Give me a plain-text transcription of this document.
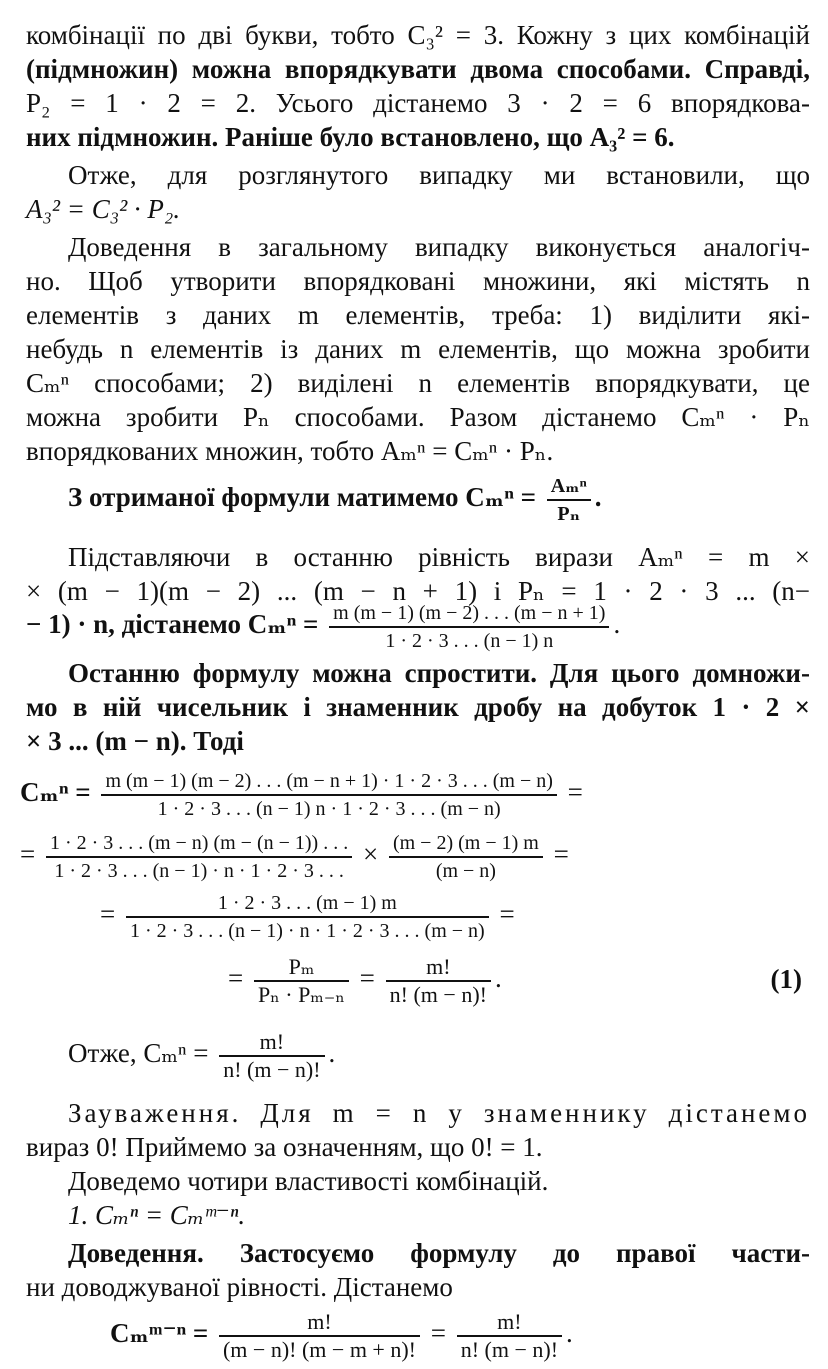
комбінації по дві букви, тобто C₃² = 3. Кожну з цих комбінацій
(підмножин) можна впорядкувати двома способами. Справді,
P₂ = 1 · 2 = 2. Усього дістанемо 3 · 2 = 6 впорядкова-
них підмножин. Раніше було встановлено, що A₃² = 6.
Отже, для розглянутого випадку ми встановили, що
A₃² = C₃² · P₂.
Доведення в загальному випадку виконується аналогіч-
но. Щоб утворити впорядковані множини, які містять n
елементів з даних m елементів, треба: 1) виділити які-
небудь n елементів із даних m елементів, що можна зробити
Cₘⁿ способами; 2) виділені n елементів впорядкувати, це
можна зробити Pₙ способами. Разом дістанемо Cₘⁿ · Pₙ
впорядкованих множин, тобто Aₘⁿ = Cₘⁿ · Pₙ.
З отриманої формули матимемо $C_m^n = \frac{\text{Aₘⁿ}}{\text{Pₙ}}$ .
Підставляючи в останню рівність вирази Aₘⁿ = m ×
× (m − 1)(m − 2) ... (m − n + 1) і Pₙ = 1 · 2 · 3 ... (n−
− 1) · n, дістанемо $C_m^n = \frac{m (m - 1) (m - 2) . . . (m - n + 1)}{1 \cdot 2 \cdot 3 . . . (n - 1) n}$ .
Останню формулу можна спростити. Для цього домножи-
мо в ній чисельник і знаменник дробу на добуток 1 · 2 ×
× 3 ... (m − n). Тоді
Cₘⁿ = m (m − 1) (m − 2) . . . (m − n + 1) · 1 · 2 · 3 . . . (m − n)
1 · 2 · 3 . . . (n − 1) n · 1 · 2 · 3 . . . (m − n)
=
= $\frac{1 \cdot 2 \cdot 3 . . . (m - n) (m - (n - 1)) . . .}{1 \cdot 2 \cdot 3 . . . (n - 1) \cdot n \cdot 1 \cdot 2 \cdot 3 . . .} \times \frac{(m - 2) (m - 1) m}{(m - n)}$ =
= $\frac{1 \cdot 2 \cdot 3 . . . (m - 1) m}{1 \cdot 2 \cdot 3 . . . (n - 1) \cdot n \cdot 1 \cdot 2 \cdot 3 . . . (m - n)}$ =
= $\frac{\text{Pₘ}}{\text{Pₙ · Pₘ₋ₙ}} = \frac{m!}{n! (m - n)!}$ .	(1)
Отже, $C_m^n = \frac{m!}{n! (m - n)!}$ .
Зауваження. Для m = n у знаменнику дістанемо
вираз 0! Приймемо за означенням, що 0! = 1.
Доведемо чотири властивості комбінацій.
1. Cₘⁿ = Cₘᵐ⁻ⁿ.
Доведення. Застосуємо формулу до правої части-
ни доводжуваної рівності. Дістанемо
Cₘᵐ⁻ⁿ = $\frac{m!}{(m - n)! (m - m + n)!} = \frac{m!}{n! (m - n)!}$ .
